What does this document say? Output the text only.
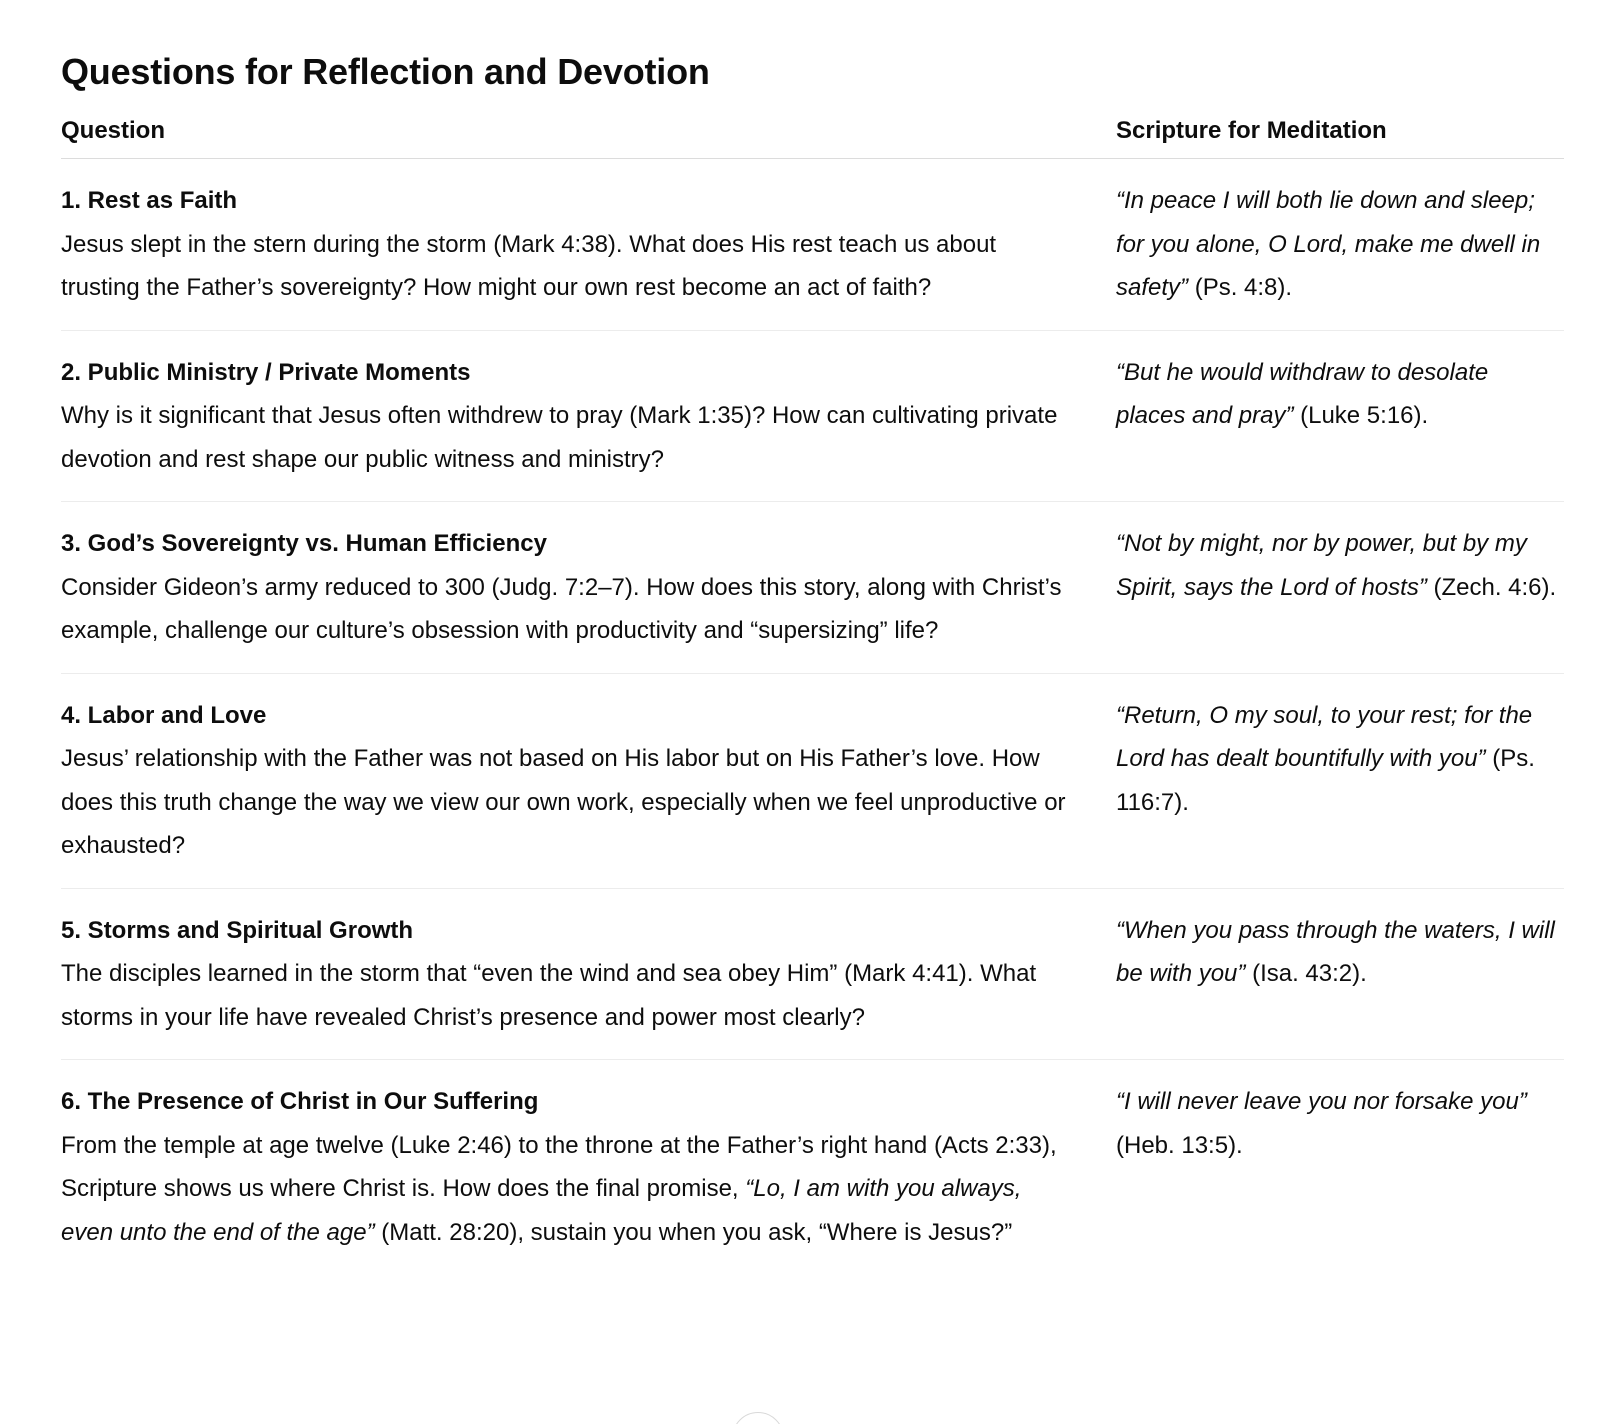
Questions for Reflection and Devotion
Question	Scripture for Meditation

1. Rest as Faith
Jesus slept in the stern during the storm (Mark 4:38). What does His rest teach us about trusting the Father’s sovereignty? How might our own rest become an act of faith?	“In peace I will both lie down and sleep; for you alone, O Lord, make me dwell in safety” (Ps. 4:8).

2. Public Ministry / Private Moments
Why is it significant that Jesus often withdrew to pray (Mark 1:35)? How can cultivating private devotion and rest shape our public witness and ministry?	“But he would withdraw to desolate places and pray” (Luke 5:16).

3. God’s Sovereignty vs. Human Efficiency
Consider Gideon’s army reduced to 300 (Judg. 7:2–7). How does this story, along with Christ’s example, challenge our culture’s obsession with productivity and “supersizing” life?	“Not by might, nor by power, but by my Spirit, says the Lord of hosts” (Zech. 4:6).

4. Labor and Love
Jesus’ relationship with the Father was not based on His labor but on His Father’s love. How does this truth change the way we view our own work, especially when we feel unproductive or exhausted?	“Return, O my soul, to your rest; for the Lord has dealt bountifully with you” (Ps. 116:7).

5. Storms and Spiritual Growth
The disciples learned in the storm that “even the wind and sea obey Him” (Mark 4:41). What storms in your life have revealed Christ’s presence and power most clearly?	“When you pass through the waters, I will be with you” (Isa. 43:2).

6. The Presence of Christ in Our Suffering
From the temple at age twelve (Luke 2:46) to the throne at the Father’s right hand (Acts 2:33), Scripture shows us where Christ is. How does the final promise, “Lo, I am with you always, even unto the end of the age” (Matt. 28:20), sustain you when you ask, “Where is Jesus?”	“I will never leave you nor forsake you” (Heb. 13:5).
